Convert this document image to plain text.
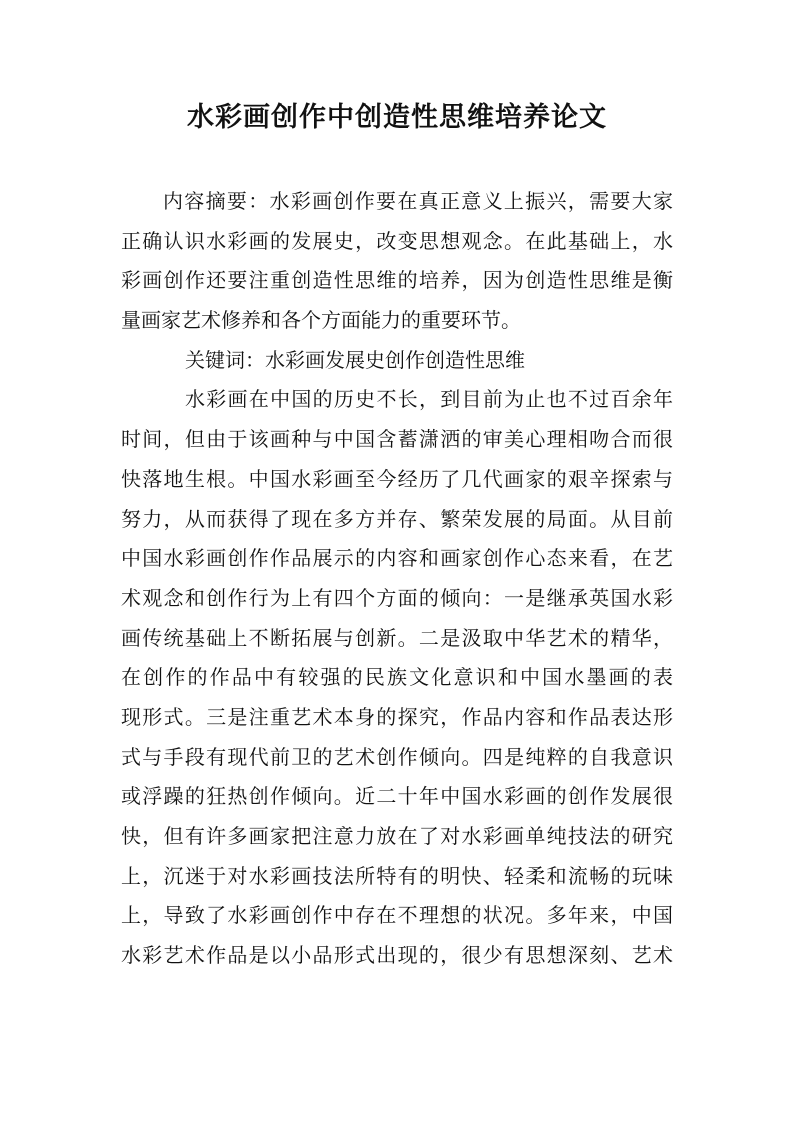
水彩画创作中创造性思维培养论文
内容摘要：水彩画创作要在真正意义上振兴，需要大家
正确认识水彩画的发展史，改变思想观念。在此基础上，水
彩画创作还要注重创造性思维的培养，因为创造性思维是衡
量画家艺术修养和各个方面能力的重要环节。
关键词：水彩画发展史创作创造性思维
水彩画在中国的历史不长，到目前为止也不过百余年
时间，但由于该画种与中国含蓄潇洒的审美心理相吻合而很
快落地生根。中国水彩画至今经历了几代画家的艰辛探索与
努力，从而获得了现在多方并存、繁荣发展的局面。从目前
中国水彩画创作作品展示的内容和画家创作心态来看，在艺
术观念和创作行为上有四个方面的倾向：一是继承英国水彩
画传统基础上不断拓展与创新。二是汲取中华艺术的精华，
在创作的作品中有较强的民族文化意识和中国水墨画的表
现形式。三是注重艺术本身的探究，作品内容和作品表达形
式与手段有现代前卫的艺术创作倾向。四是纯粹的自我意识
或浮躁的狂热创作倾向。近二十年中国水彩画的创作发展很
快，但有许多画家把注意力放在了对水彩画单纯技法的研究
上，沉迷于对水彩画技法所特有的明快、轻柔和流畅的玩味
上，导致了水彩画创作中存在不理想的状况。多年来，中国
水彩艺术作品是以小品形式出现的，很少有思想深刻、艺术
